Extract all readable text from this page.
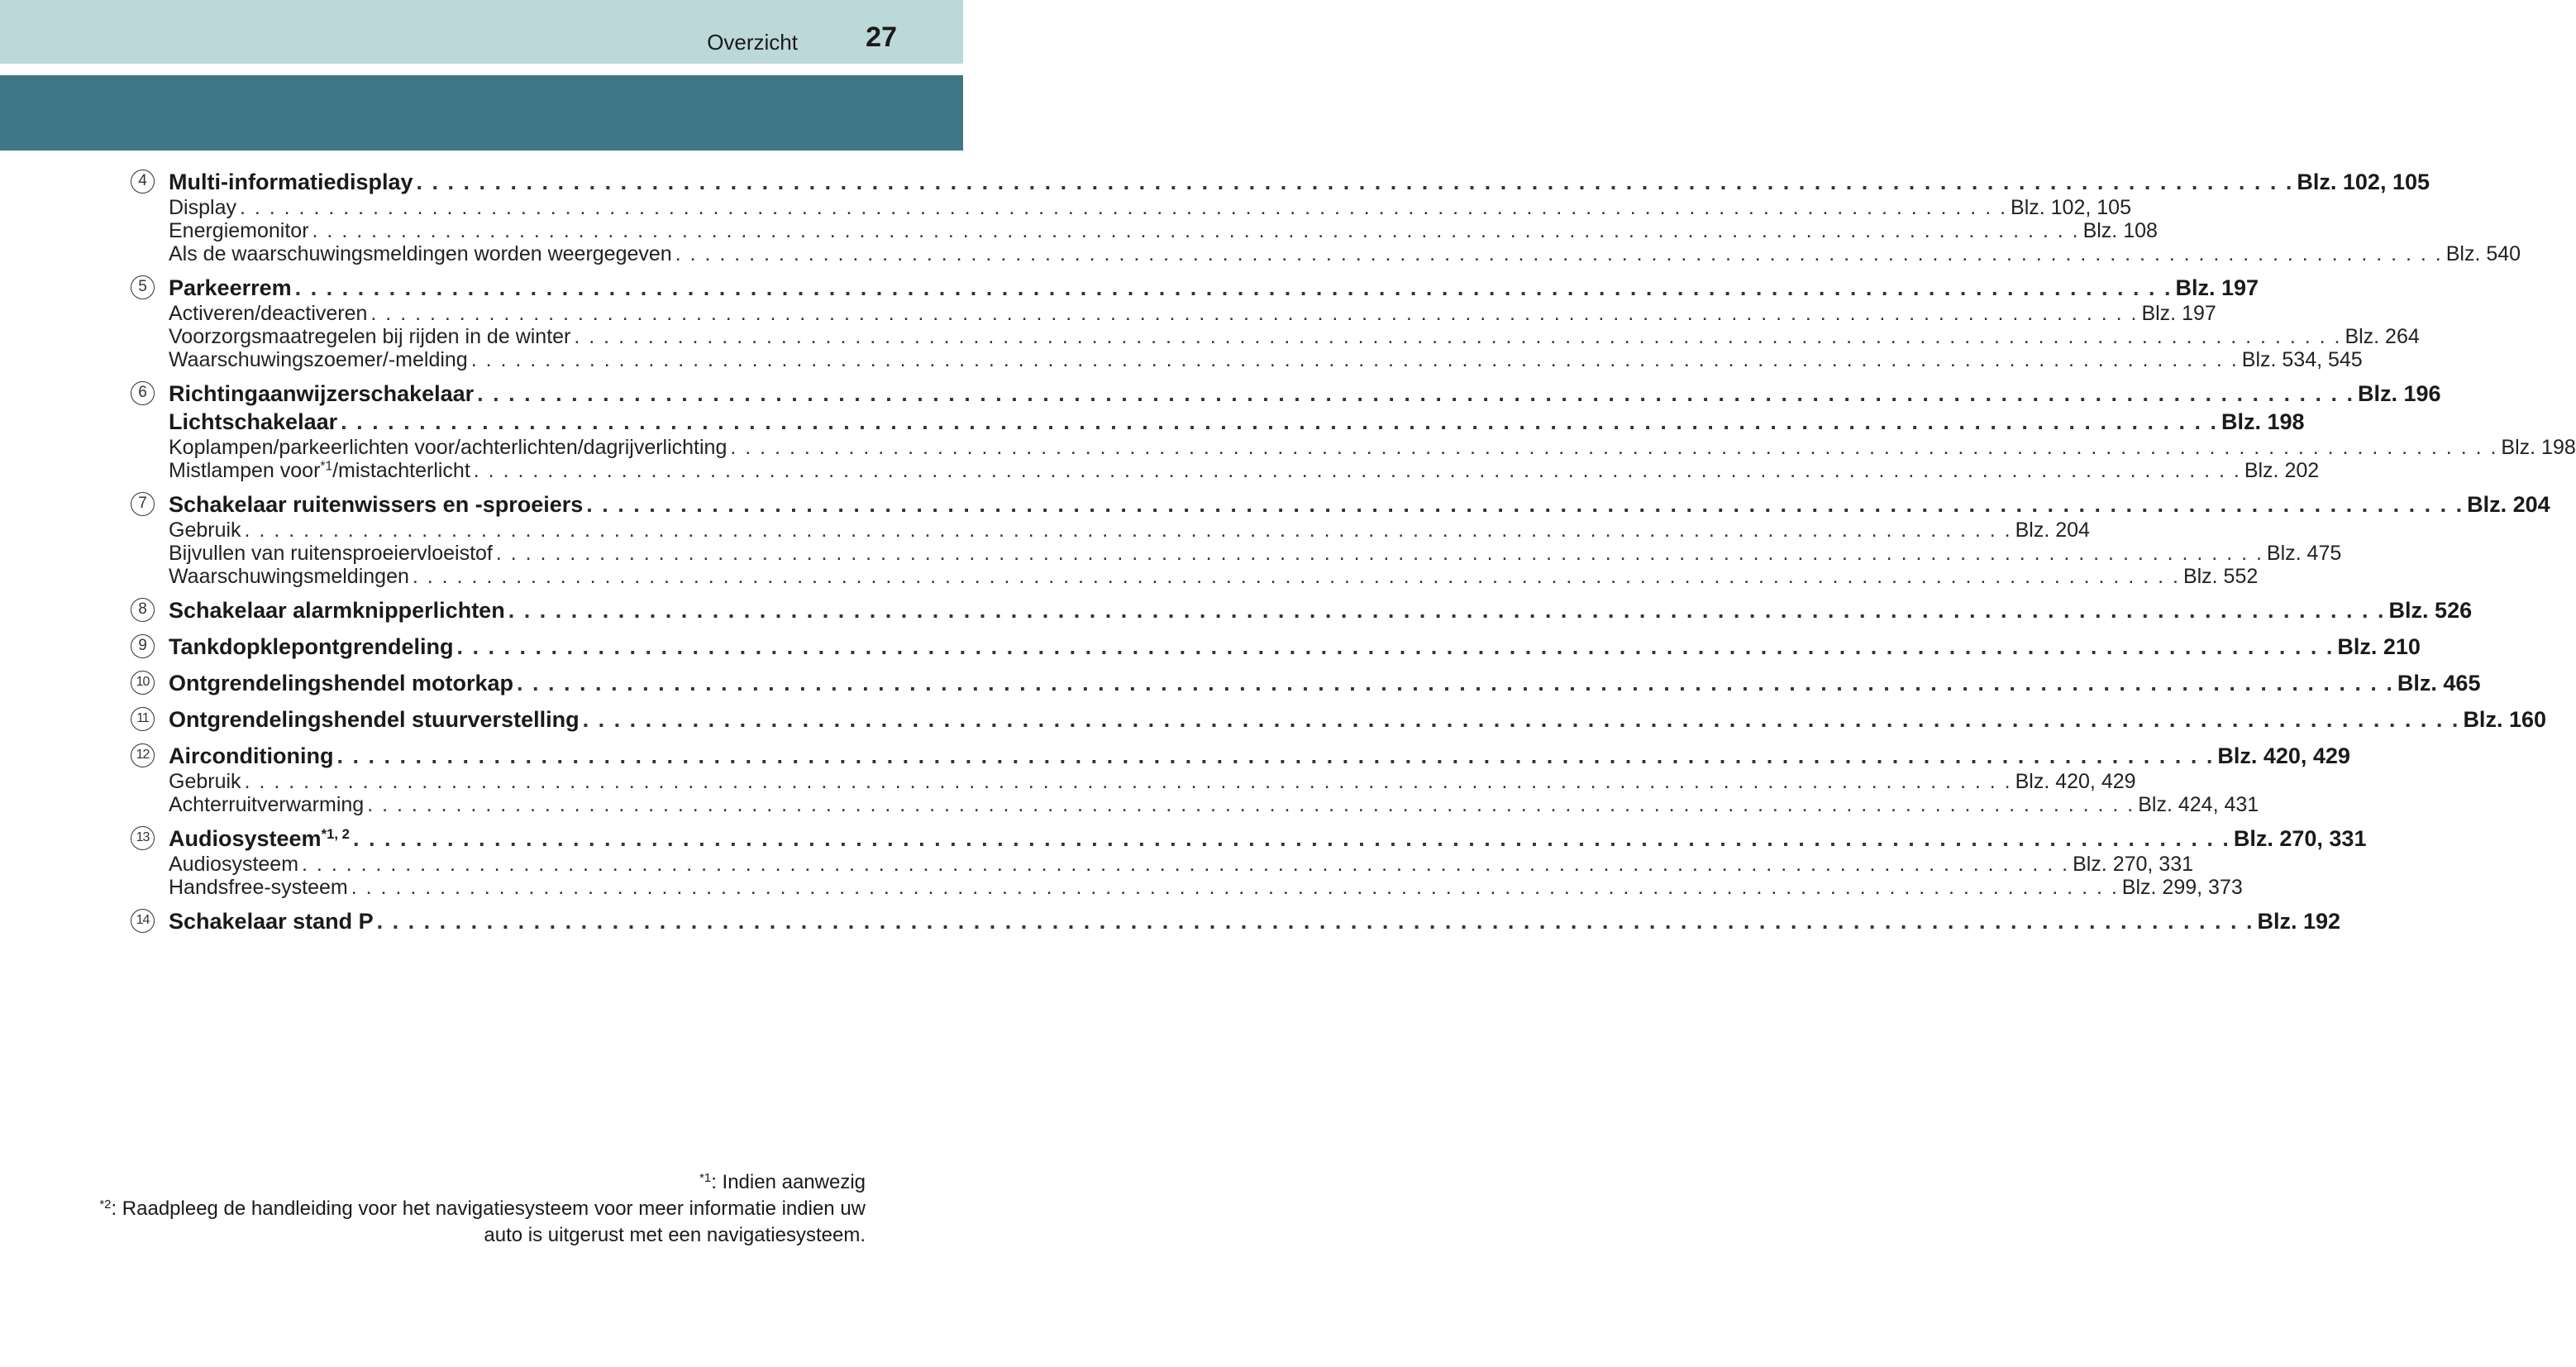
Overzicht 27
4 Multi-informatiedisplay . . . . . . . . . . . . . . . . . . . . . . . . . . . . . . . . . . . . . . . . . . . . . . . . . . . . . . . . . . . . . . . . . . . . . . . . . . . . . . . . . . . . . . . . . . . . . . . . . . . . . . . . . . . . . . . . . . . . . . . . Blz. 102, 105
Display . . . . . . . . . . . . . . . . . . . . . . . . . . . . . . . . . . . . . . . . . . . . . . . . . . . . . . . . . . . . . . . . . . . . . . . . . . . . . . . . . . . . . . . . . . . . . . . . . . . . . . . . . . . . . . . . . . . . . . . . Blz. 102, 105
Energiemonitor . . . . . . . . . . . . . . . . . . . . . . . . . . . . . . . . . . . . . . . . . . . . . . . . . . . . . . . . . . . . . . . . . . . . . . . . . . . . . . . . . . . . . . . . . . . . . . . . . . . . . . . . . . . . . . . . . . . . . . . . Blz. 108
Als de waarschuwingsmeldingen worden weergegeven . . . . . . . . . . . . . . . . . . . . . . . . . . . . . . . . . . . . . . . . . . . . . . . . . . . . . . . . . . . . . . . . . . . . . . . . . . . . . . . . . . . . . . . . . . . . . . . . . . . . . . . . . . . . . . . . . . . . . . . . Blz. 540
5 Parkeerrem . . . . . . . . . . . . . . . . . . . . . . . . . . . . . . . . . . . . . . . . . . . . . . . . . . . . . . . . . . . . . . . . . . . . . . . . . . . . . . . . . . . . . . . . . . . . . . . . . . . . . . . . . . . . . . . . . . . . . . . . Blz. 197
Activeren/deactiveren . . . . . . . . . . . . . . . . . . . . . . . . . . . . . . . . . . . . . . . . . . . . . . . . . . . . . . . . . . . . . . . . . . . . . . . . . . . . . . . . . . . . . . . . . . . . . . . . . . . . . . . . . . . . . . . . . . . . . . . . Blz. 197
Voorzorgsmaatregelen bij rijden in de winter . . . . . . . . . . . . . . . . . . . . . . . . . . . . . . . . . . . . . . . . . . . . . . . . . . . . . . . . . . . . . . . . . . . . . . . . . . . . . . . . . . . . . . . . . . . . . . . . . . . . . . . . . . . . . . . . . . . . . . . . Blz. 264
Waarschuwingszoemer/-melding . . . . . . . . . . . . . . . . . . . . . . . . . . . . . . . . . . . . . . . . . . . . . . . . . . . . . . . . . . . . . . . . . . . . . . . . . . . . . . . . . . . . . . . . . . . . . . . . . . . . . . . . . . . . . . . . . . . . . . . . Blz. 534, 545
6 Richtingaanwijzerschakelaar . . . . . . . . . . . . . . . . . . . . . . . . . . . . . . . . . . . . . . . . . . . . . . . . . . . . . . . . . . . . . . . . . . . . . . . . . . . . . . . . . . . . . . . . . . . . . . . . . . . . . . . . . . . . . . . . . . . . . . . . Blz. 196
Lichtschakelaar . . . . . . . . . . . . . . . . . . . . . . . . . . . . . . . . . . . . . . . . . . . . . . . . . . . . . . . . . . . . . . . . . . . . . . . . . . . . . . . . . . . . . . . . . . . . . . . . . . . . . . . . . . . . . . . . . . . . . . . . Blz. 198
Koplampen/parkeerlichten voor/achterlichten/dagrijverlichting . . . . . . . . . . . . . . . . . . . . . . . . . . . . . . . . . . . . . . . . . . . . . . . . . . . . . . . . . . . . . . . . . . . . . . . . . . . . . . . . . . . . . . . . . . . . . . . . . . . . . . . . . . . . . . . . . . . . . . . . Blz. 198
Mistlampen voor$^{*1}$/mistachterlicht . . . . . . . . . . . . . . . . . . . . . . . . . . . . . . . . . . . . . . . . . . . . . . . . . . . . . . . . . . . . . . . . . . . . . . . . . . . . . . . . . . . . . . . . . . . . . . . . . . . . . . . . . . . . . . . . . . . . . . . . Blz. 202
7 Schakelaar ruitenwissers en -sproeiers . . . . . . . . . . . . . . . . . . . . . . . . . . . . . . . . . . . . . . . . . . . . . . . . . . . . . . . . . . . . . . . . . . . . . . . . . . . . . . . . . . . . . . . . . . . . . . . . . . . . . . . . . . . . . . . . . . . . . . . . Blz. 204
Gebruik . . . . . . . . . . . . . . . . . . . . . . . . . . . . . . . . . . . . . . . . . . . . . . . . . . . . . . . . . . . . . . . . . . . . . . . . . . . . . . . . . . . . . . . . . . . . . . . . . . . . . . . . . . . . . . . . . . . . . . . . Blz. 204
Bijvullen van ruitensproeiervloeistof . . . . . . . . . . . . . . . . . . . . . . . . . . . . . . . . . . . . . . . . . . . . . . . . . . . . . . . . . . . . . . . . . . . . . . . . . . . . . . . . . . . . . . . . . . . . . . . . . . . . . . . . . . . . . . . . . . . . . . . . Blz. 475
Waarschuwingsmeldingen . . . . . . . . . . . . . . . . . . . . . . . . . . . . . . . . . . . . . . . . . . . . . . . . . . . . . . . . . . . . . . . . . . . . . . . . . . . . . . . . . . . . . . . . . . . . . . . . . . . . . . . . . . . . . . . . . . . . . . . . Blz. 552
8 Schakelaar alarmknipperlichten . . . . . . . . . . . . . . . . . . . . . . . . . . . . . . . . . . . . . . . . . . . . . . . . . . . . . . . . . . . . . . . . . . . . . . . . . . . . . . . . . . . . . . . . . . . . . . . . . . . . . . . . . . . . . . . . . . . . . . . . Blz. 526
9 Tankdopklepontgrendeling . . . . . . . . . . . . . . . . . . . . . . . . . . . . . . . . . . . . . . . . . . . . . . . . . . . . . . . . . . . . . . . . . . . . . . . . . . . . . . . . . . . . . . . . . . . . . . . . . . . . . . . . . . . . . . . . . . . . . . . . Blz. 210
10 Ontgrendelingshendel motorkap . . . . . . . . . . . . . . . . . . . . . . . . . . . . . . . . . . . . . . . . . . . . . . . . . . . . . . . . . . . . . . . . . . . . . . . . . . . . . . . . . . . . . . . . . . . . . . . . . . . . . . . . . . . . . . . . . . . . . . . . Blz. 465
11 Ontgrendelingshendel stuurverstelling . . . . . . . . . . . . . . . . . . . . . . . . . . . . . . . . . . . . . . . . . . . . . . . . . . . . . . . . . . . . . . . . . . . . . . . . . . . . . . . . . . . . . . . . . . . . . . . . . . . . . . . . . . . . . . . . . . . . . . . . Blz. 160
12 Airconditioning . . . . . . . . . . . . . . . . . . . . . . . . . . . . . . . . . . . . . . . . . . . . . . . . . . . . . . . . . . . . . . . . . . . . . . . . . . . . . . . . . . . . . . . . . . . . . . . . . . . . . . . . . . . . . . . . . . . . . . . . Blz. 420, 429
Gebruik . . . . . . . . . . . . . . . . . . . . . . . . . . . . . . . . . . . . . . . . . . . . . . . . . . . . . . . . . . . . . . . . . . . . . . . . . . . . . . . . . . . . . . . . . . . . . . . . . . . . . . . . . . . . . . . . . . . . . . . . Blz. 420, 429
Achterruitverwarming . . . . . . . . . . . . . . . . . . . . . . . . . . . . . . . . . . . . . . . . . . . . . . . . . . . . . . . . . . . . . . . . . . . . . . . . . . . . . . . . . . . . . . . . . . . . . . . . . . . . . . . . . . . . . . . . . . . . . . . . Blz. 424, 431
13 Audiosysteem$^{*1, 2}$ . . . . . . . . . . . . . . . . . . . . . . . . . . . . . . . . . . . . . . . . . . . . . . . . . . . . . . . . . . . . . . . . . . . . . . . . . . . . . . . . . . . . . . . . . . . . . . . . . . . . . . . . . . . . . . . . . . . . . . . . Blz. 270, 331
Audiosysteem . . . . . . . . . . . . . . . . . . . . . . . . . . . . . . . . . . . . . . . . . . . . . . . . . . . . . . . . . . . . . . . . . . . . . . . . . . . . . . . . . . . . . . . . . . . . . . . . . . . . . . . . . . . . . . . . . . . . . . . . Blz. 270, 331
Handsfree-systeem . . . . . . . . . . . . . . . . . . . . . . . . . . . . . . . . . . . . . . . . . . . . . . . . . . . . . . . . . . . . . . . . . . . . . . . . . . . . . . . . . . . . . . . . . . . . . . . . . . . . . . . . . . . . . . . . . . . . . . . . Blz. 299, 373
14 Schakelaar stand P . . . . . . . . . . . . . . . . . . . . . . . . . . . . . . . . . . . . . . . . . . . . . . . . . . . . . . . . . . . . . . . . . . . . . . . . . . . . . . . . . . . . . . . . . . . . . . . . . . . . . . . . . . . . . . . . . . . . . . . . Blz. 192

$^{*1}$: Indien aanwezig

$^{*2}$: Raadpleeg de handleiding voor het navigatiesysteem voor meer informatie indien uw

auto is uitgerust met een navigatiesysteem.
